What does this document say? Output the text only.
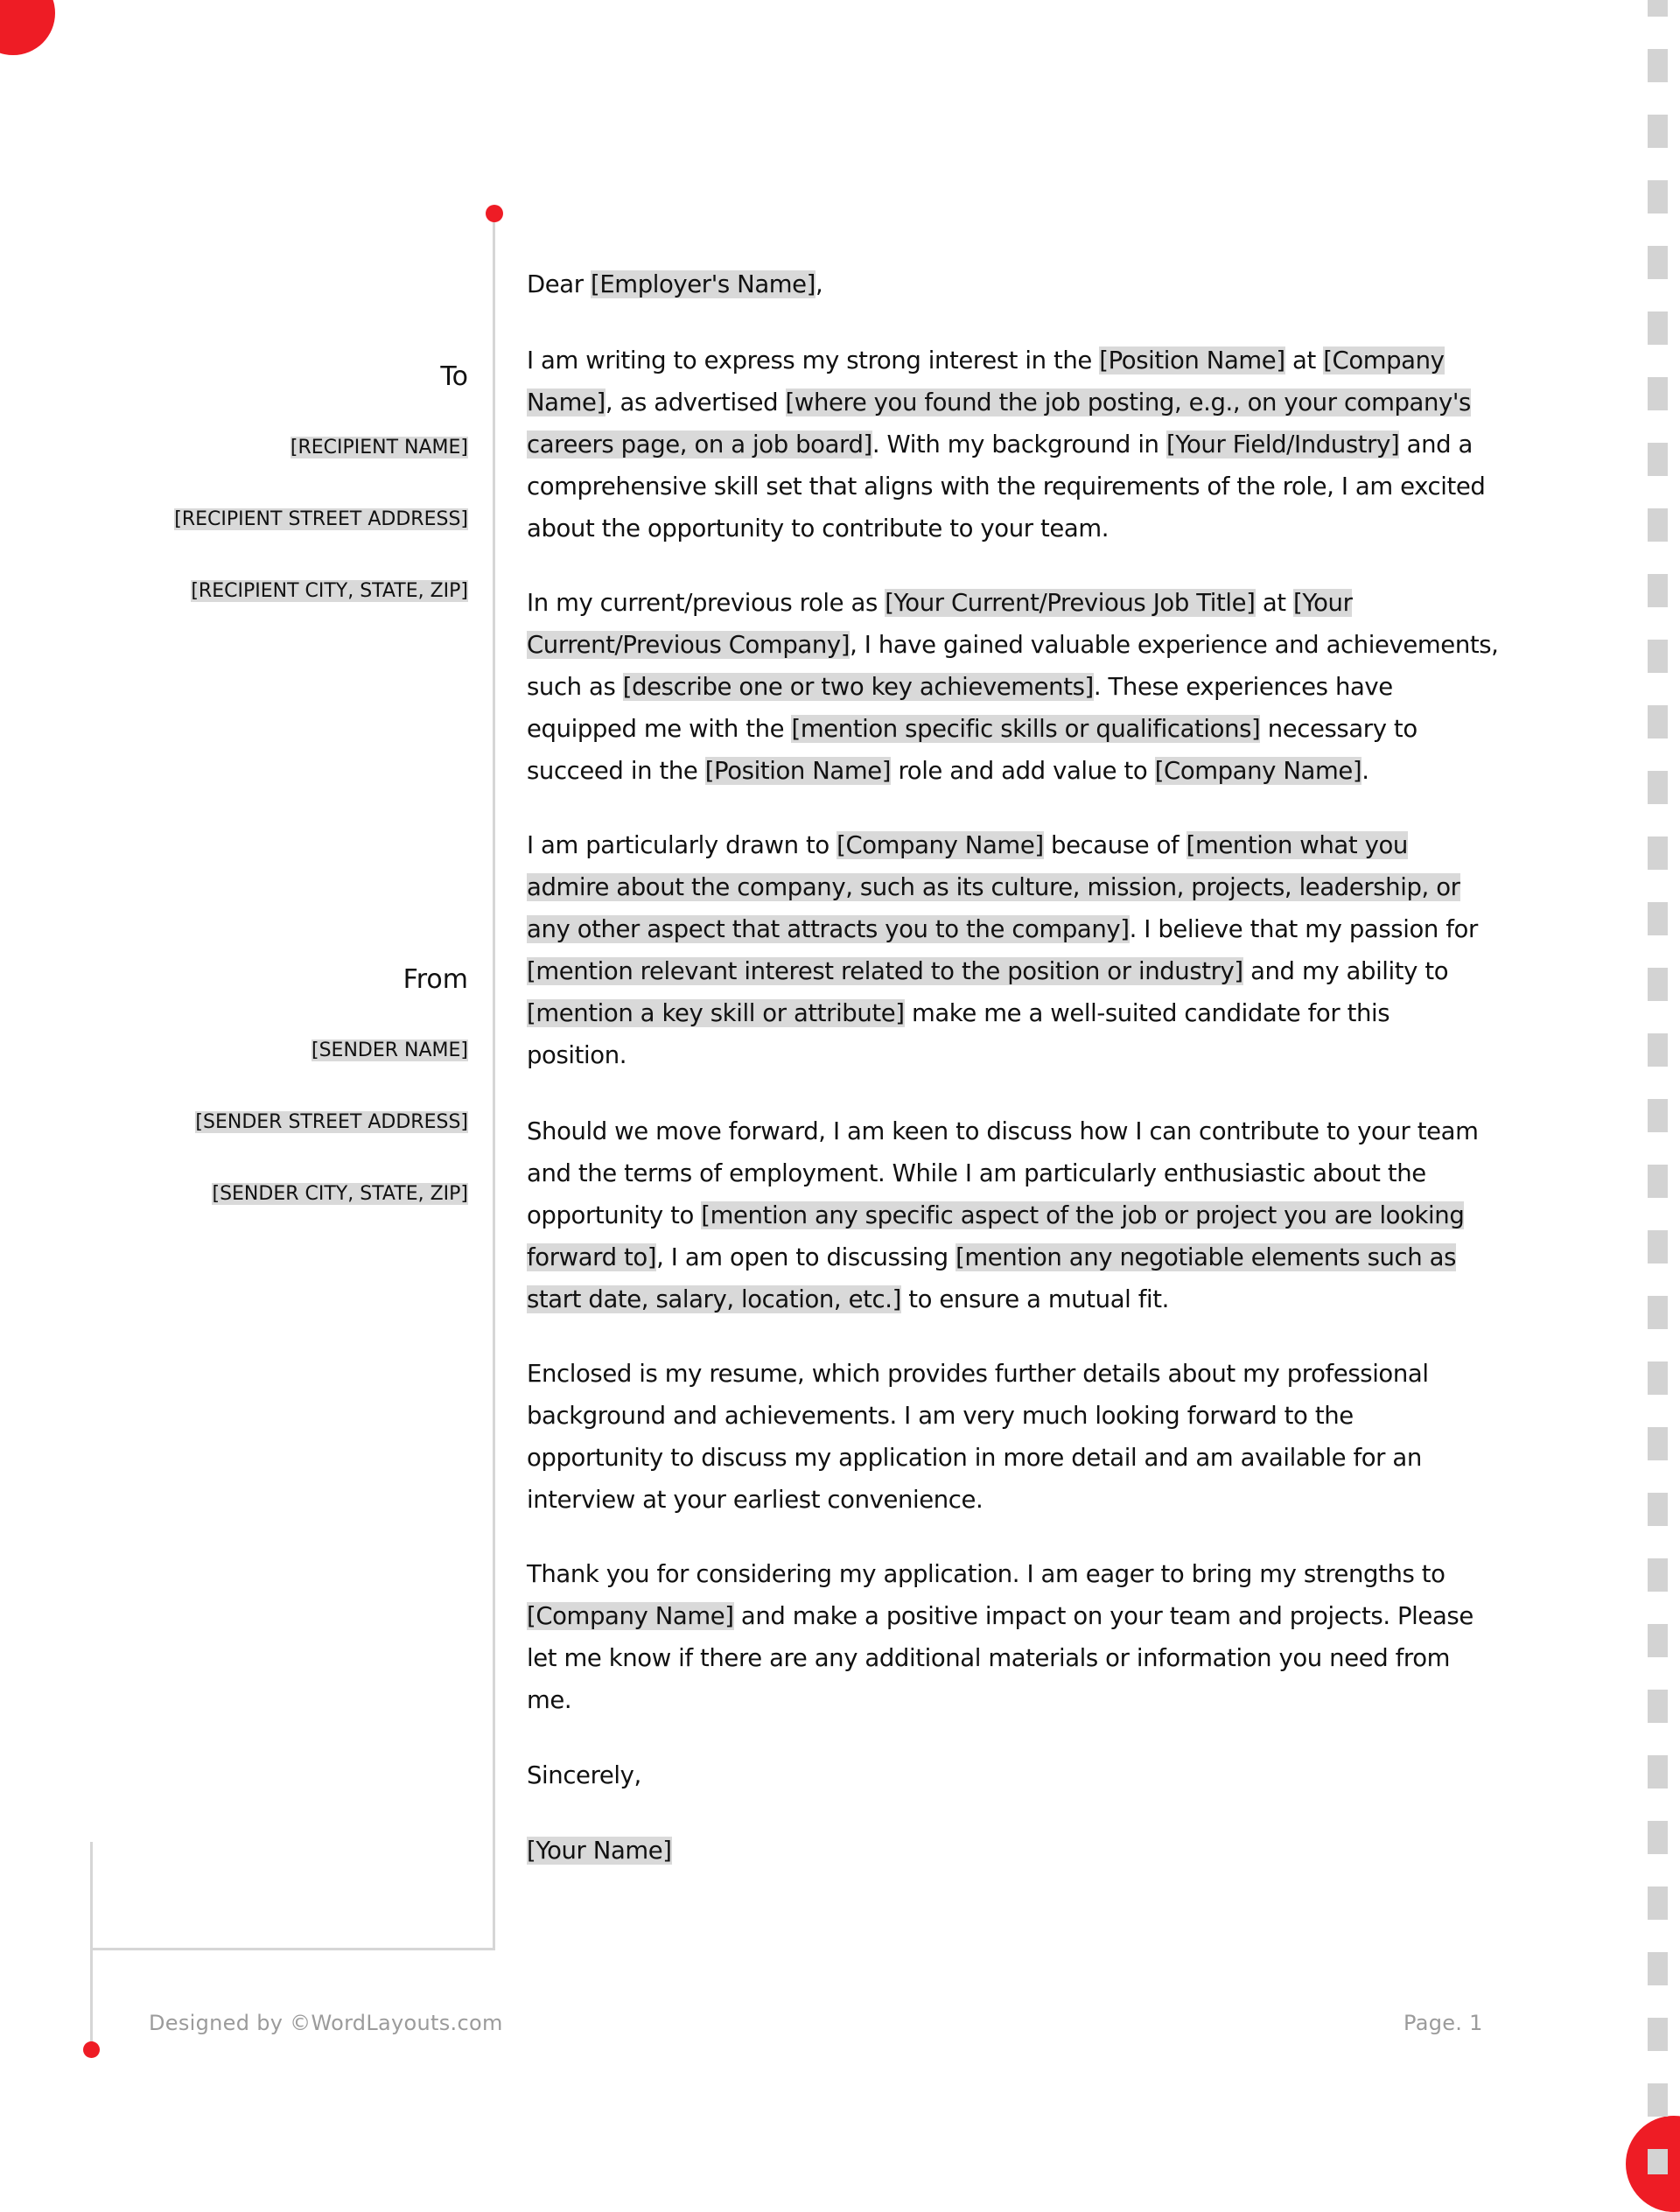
To
[RECIPIENT NAME]
[RECIPIENT STREET ADDRESS]
[RECIPIENT CITY, STATE, ZIP]
From
[SENDER NAME]
[SENDER STREET ADDRESS]
[SENDER CITY, STATE, ZIP]
Dear [Employer's Name],
I am writing to express my strong interest in the [Position Name] at [Company
Name], as advertised [where you found the job posting, e.g., on your company's
careers page, on a job board]. With my background in [Your Field/Industry] and a
comprehensive skill set that aligns with the requirements of the role, I am excited
about the opportunity to contribute to your team.
In my current/previous role as [Your Current/Previous Job Title] at [Your
Current/Previous Company], I have gained valuable experience and achievements,
such as [describe one or two key achievements]. These experiences have
equipped me with the [mention specific skills or qualifications] necessary to
succeed in the [Position Name] role and add value to [Company Name].
I am particularly drawn to [Company Name] because of [mention what you
admire about the company, such as its culture, mission, projects, leadership, or
any other aspect that attracts you to the company]. I believe that my passion for
[mention relevant interest related to the position or industry] and my ability to
[mention a key skill or attribute] make me a well-suited candidate for this
position.
Should we move forward, I am keen to discuss how I can contribute to your team
and the terms of employment. While I am particularly enthusiastic about the
opportunity to [mention any specific aspect of the job or project you are looking
forward to], I am open to discussing [mention any negotiable elements such as
start date, salary, location, etc.] to ensure a mutual fit.
Enclosed is my resume, which provides further details about my professional
background and achievements. I am very much looking forward to the
opportunity to discuss my application in more detail and am available for an
interview at your earliest convenience.
Thank you for considering my application. I am eager to bring my strengths to
[Company Name] and make a positive impact on your team and projects. Please
let me know if there are any additional materials or information you need from
me.
Sincerely,
[Your Name]
Designed by ©WordLayouts.com	Page. 1
